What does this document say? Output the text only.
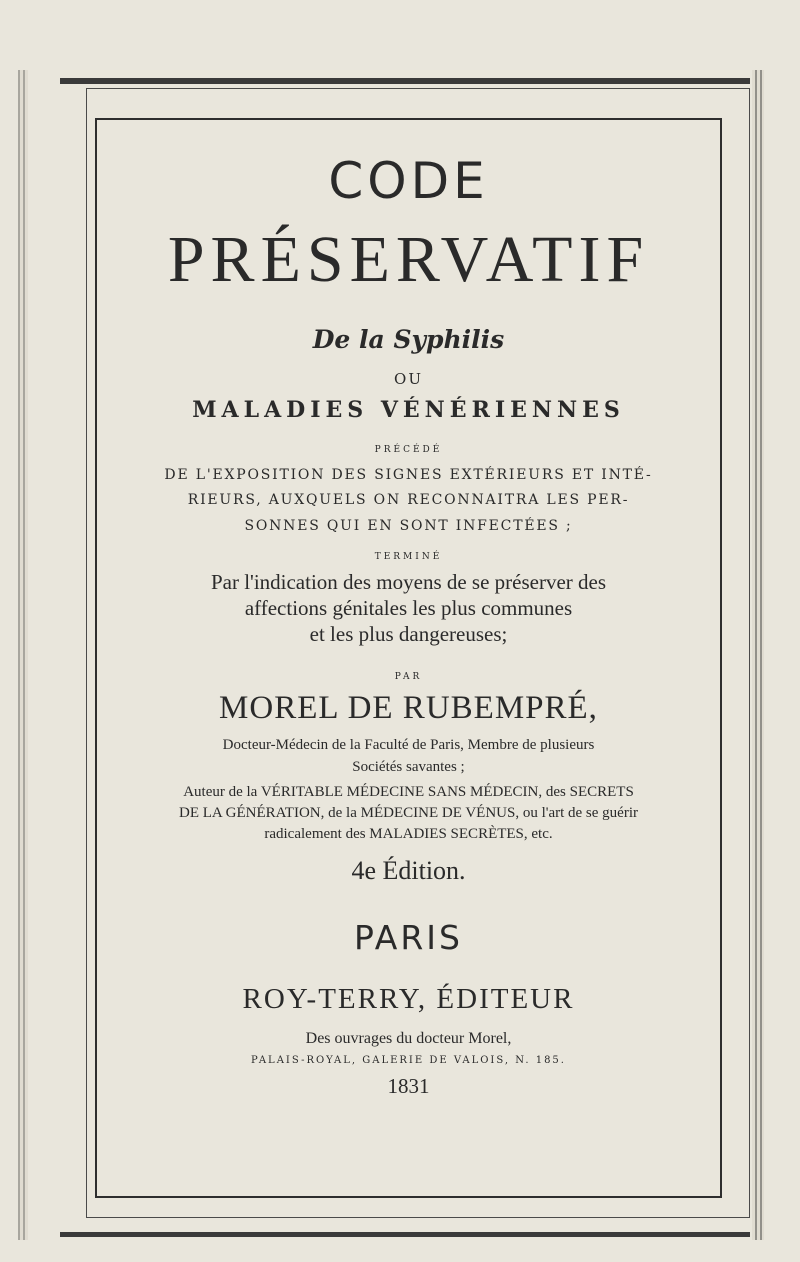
CODE

PRÉSERVATIF

De la Syphilis

OU

MALADIES VÉNÉRIENNES

PRÉCÉDÉ

DE L'EXPOSITION DES SIGNES EXTÉRIEURS ET INTÉ-

RIEURS, AUXQUELS ON RECONNAITRA LES PER-

SONNES QUI EN SONT INFECTÉES ;

TERMINÉ

Par l'indication des moyens de se préserver des

affections génitales les plus communes

et les plus dangereuses;

PAR

MOREL DE RUBEMPRÉ,

Docteur-Médecin de la Faculté de Paris, Membre de plusieurs

Sociétés savantes ;

Auteur de la VÉRITABLE MÉDECINE SANS MÉDECIN, des SECRETS

DE LA GÉNÉRATION, de la MÉDECINE DE VÉNUS, ou l'art de se guérir

radicalement des MALADIES SECRÈTES, etc.

4e Édition.

PARIS

ROY-TERRY, ÉDITEUR

Des ouvrages du docteur Morel,

PALAIS-ROYAL, GALERIE DE VALOIS, N. 185.

1831
